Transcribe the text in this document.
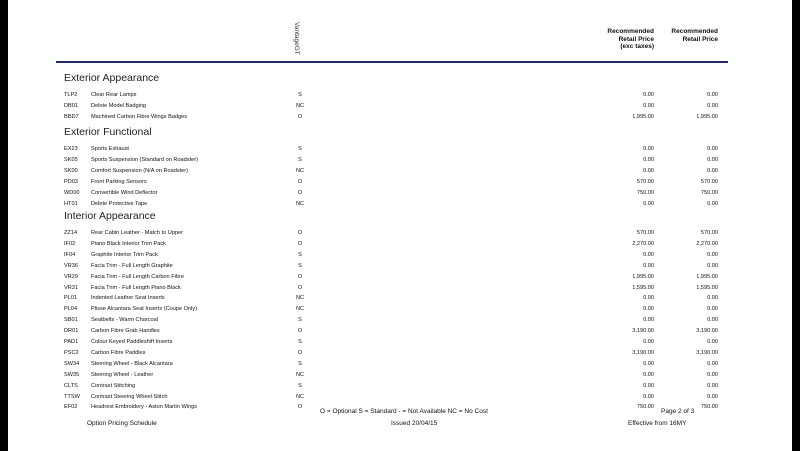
VantageGT	Recommended
Retail Price
(exc taxes)
Recommended
Retail Price
Exterior Appearance
TLP2 Clear Rear Lamps	S	0.00	0.00
DB01 Delete Model Badging	NC	0.00	0.00
BBD7 Machined Carbon Fibre Wings Badges	O	1,995.00	1,995.00
Exterior Functional
EX23 Sports Exhaust	S	0.00	0.00
SK05 Sports Suspension (Standard on Roadster)	S	0.00	0.00
SK00 Comfort Suspension (N/A on Roadster)	NC	0.00	0.00
PD03 Front Parking Sensors	O	570.00	570.00
WD00 Convertible Wind Deflector	O	750.00	750.00
HT01 Delete Protective Tape	NC	0.00	0.00
Interior Appearance
ZZ14 Rear Cabin Leather - Match to Upper	O	570.00	570.00
IF02	Piano Black Interior Trim Pack	O	2,270.00	2,270.00
IF04	Graphite Interior Trim Pack	S	0.00	0.00
VR36 Facia Trim - Full Length Graphite	S	0.00	0.00
VR29 Facia Trim - Full Length Carbon Fibre	O	1,995.00	1,995.00
VR31 Facia Trim - Full Length Piano Black	O	1,595.00	1,595.00
PL01 Indented Leather Seat Inserts	NC	0.00	0.00
PL04 Plisse Alcantara Seat Inserts (Coupe Only)	NC	0.00	0.00
SB01 Seatbelts - Warm Charcoal	S	0.00	0.00
DR01 Carbon Fibre Grab Handles	O	3,190.00	3,190.00
PAD1 Colour Keyed Paddleshift Inserts	S	0.00	0.00
PSC2 Carbon Fibre Paddles	O	3,190.00	3,190.00
SW34 Steering Wheel - Black Alcantara	S	0.00	0.00
SW35 Steering Wheel - Leather	NC	0.00	0.00
CLTS Contrast Stitching	S	0.00	0.00
TTSW Contrast Steering Wheel Stitch	NC	0.00	0.00
EF02 Headrest Embroidery - Aston Martin Wings	O	750.00	750.00
O = Optional S = Standard - = Not Available NC = No Cost	Page 2 of 3
Option Pricing Schedule	Issued 20/04/15	Effective from 16MY
